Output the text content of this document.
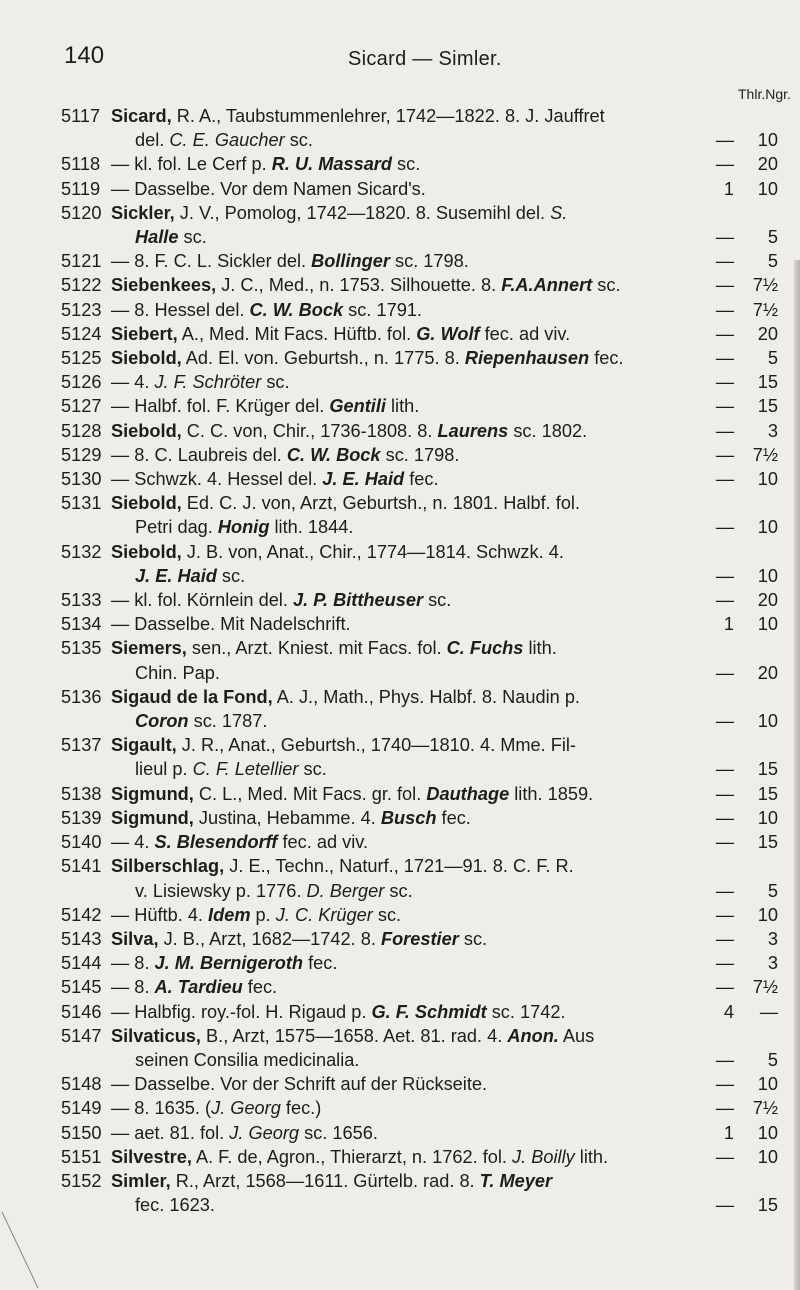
140	Sicard — Simler.
Thlr.Ngr.
5117 Sicard, R. A., Taubstummenlehrer, 1742—1822. 8. J. Jauffret
del. C. E. Gaucher sc.	—	10
5118 — kl. fol. Le Cerf p. R. U. Massard sc.	—	20
5119 — Dasselbe. Vor dem Namen Sicard's.	1	10
5120 Sickler, J. V., Pomolog, 1742—1820. 8. Susemihl del. S.
Halle sc.	—	5
5121 — 8. F. C. L. Sickler del. Bollinger sc. 1798.	—	5
5122 Siebenkees, J. C., Med., n. 1753. Silhouette. 8. F.A.Annert sc.	—	7½
5123 — 8. Hessel del. C. W. Bock sc. 1791.	—	7½
5124 Siebert, A., Med. Mit Facs. Hüftb. fol. G. Wolf fec. ad viv.	—	20
5125 Siebold, Ad. El. von. Geburtsh., n. 1775. 8. Riepenhausen fec.	—	5
5126 — 4. J. F. Schröter sc.	—	15
5127 — Halbf. fol. F. Krüger del. Gentili lith.	—	15
5128 Siebold, C. C. von, Chir., 1736-1808. 8. Laurens sc. 1802.	—	3
5129 — 8. C. Laubreis del. C. W. Bock sc. 1798.	—	7½
5130 — Schwzk. 4. Hessel del. J. E. Haid fec.	—	10
5131 Siebold, Ed. C. J. von, Arzt, Geburtsh., n. 1801. Halbf. fol.
Petri dag. Honig lith. 1844.	—	10
5132 Siebold, J. B. von, Anat., Chir., 1774—1814. Schwzk. 4.
J. E. Haid sc.	—	10
5133 — kl. fol. Körnlein del. J. P. Bittheuser sc.	—	20
5134 — Dasselbe. Mit Nadelschrift.	1	10
5135 Siemers, sen., Arzt. Kniest. mit Facs. fol. C. Fuchs lith.
Chin. Pap.	—	20
5136 Sigaud de la Fond, A. J., Math., Phys. Halbf. 8. Naudin p.
Coron sc. 1787.	—	10
5137 Sigault, J. R., Anat., Geburtsh., 1740—1810. 4. Mme. Fil-
lieul p. C. F. Letellier sc.	—	15
5138 Sigmund, C. L., Med. Mit Facs. gr. fol. Dauthage lith. 1859.	—	15
5139 Sigmund, Justina, Hebamme. 4. Busch fec.	—	10
5140 — 4. S. Blesendorff fec. ad viv.	—	15
5141 Silberschlag, J. E., Techn., Naturf., 1721—91. 8. C. F. R.
v. Lisiewsky p. 1776. D. Berger sc.	—	5
5142 — Hüftb. 4. Idem p. J. C. Krüger sc.	—	10
5143 Silva, J. B., Arzt, 1682—1742. 8. Forestier sc.	—	3
5144 — 8. J. M. Bernigeroth fec.	—	3
5145 — 8. A. Tardieu fec.	—	7½
5146 — Halbfig. roy.-fol. H. Rigaud p. G. F. Schmidt sc. 1742.	4	—
5147 Silvaticus, B., Arzt, 1575—1658. Aet. 81. rad. 4. Anon. Aus
seinen Consilia medicinalia.	—	5
5148 — Dasselbe. Vor der Schrift auf der Rückseite.	—	10
5149 — 8. 1635. (J. Georg fec.)	—	7½
5150 — aet. 81. fol. J. Georg sc. 1656.	1	10
5151 Silvestre, A. F. de, Agron., Thierarzt, n. 1762. fol. J. Boilly lith.	—	10
5152 Simler, R., Arzt, 1568—1611. Gürtelb. rad. 8. T. Meyer
fec. 1623.	—	15
